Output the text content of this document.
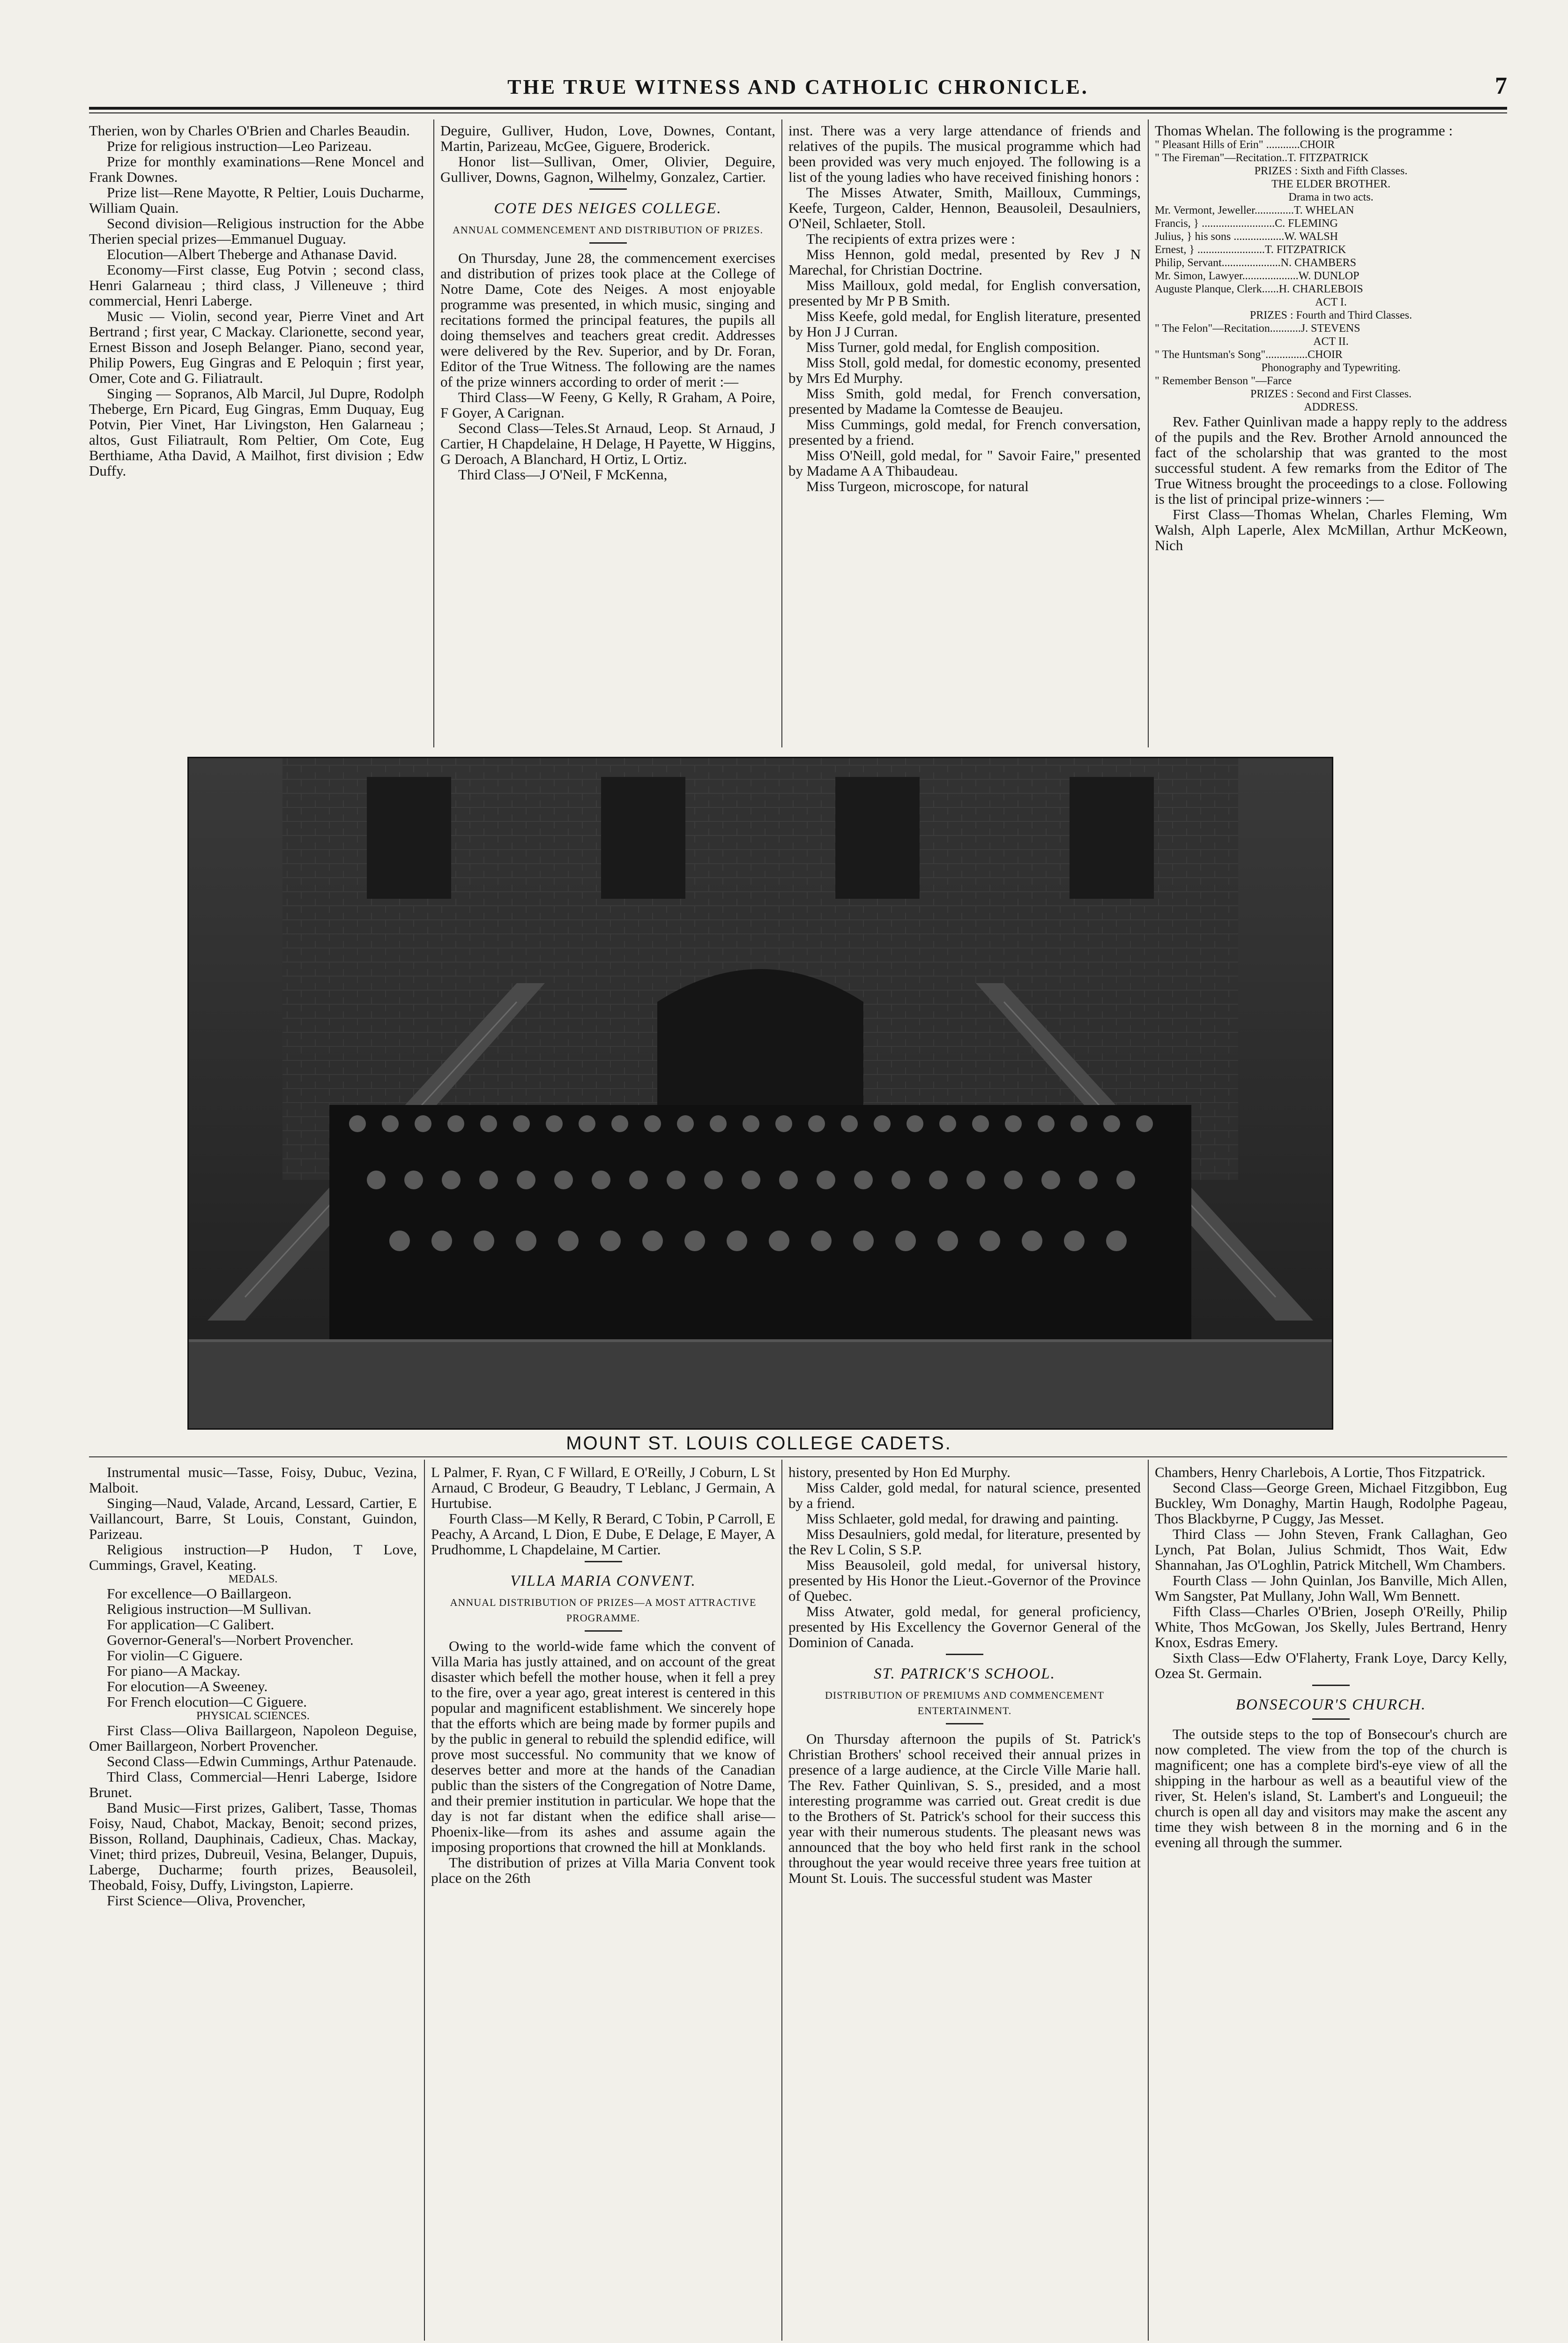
THE TRUE WITNESS AND CATHOLIC CHRONICLE.	7

Therien, won by Charles O'Brien and Charles Beaudin.

Prize for religious instruction—Leo Parizeau.

Prize for monthly examinations—Rene Moncel and Frank Downes.

Prize list—Rene Mayotte, R Peltier, Louis Ducharme, William Quain.

Second division—Religious instruction for the Abbe Therien special prizes—Emmanuel Duguay.

Elocution—Albert Theberge and Athanase David.

Economy—First classe, Eug Potvin ; second class, Henri Galarneau ; third class, J Villeneuve ; third commercial, Henri Laberge.

Music — Violin, second year, Pierre Vinet and Art Bertrand ; first year, C Mackay. Clarionette, second year, Ernest Bisson and Joseph Belanger. Piano, second year, Philip Powers, Eug Gingras and E Peloquin ; first year, Omer, Cote and G. Filiatrault.

Singing — Sopranos, Alb Marcil, Jul Dupre, Rodolph Theberge, Ern Picard, Eug Gingras, Emm Duquay, Eug Potvin, Pier Vinet, Har Livingston, Hen Galarneau ; altos, Gust Filiatrault, Rom Peltier, Om Cote, Eug Berthiame, Atha David, A Mailhot, first division ; Edw Duffy.

Deguire, Gulliver, Hudon, Love, Downes, Contant, Martin, Parizeau, McGee, Giguere, Broderick.

Honor list—Sullivan, Omer, Olivier, Deguire, Gulliver, Downs, Gagnon, Wilhelmy, Gonzalez, Cartier.

COTE DES NEIGES COLLEGE.

ANNUAL COMMENCEMENT AND DISTRIBUTION OF PRIZES.

On Thursday, June 28, the commencement exercises and distribution of prizes took place at the College of Notre Dame, Cote des Neiges. A most enjoyable programme was presented, in which music, singing and recitations formed the principal features, the pupils all doing themselves and teachers great credit. Addresses were delivered by the Rev. Superior, and by Dr. Foran, Editor of the True Witness. The following are the names of the prize winners according to order of merit :—

Third Class—W Feeny, G Kelly, R Graham, A Poire, F Goyer, A Carignan.

Second Class—Teles.St Arnaud, Leop. St Arnaud, J Cartier, H Chapdelaine, H Delage, H Payette, W Higgins, G Deroach, A Blanchard, H Ortiz, L Ortiz.

Third Class—J O'Neil, F McKenna,

inst. There was a very large attendance of friends and relatives of the pupils. The musical programme which had been provided was very much enjoyed. The following is a list of the young ladies who have received finishing honors :

The Misses Atwater, Smith, Mailloux, Cummings, Keefe, Turgeon, Calder, Hennon, Beausoleil, Desaulniers, O'Neil, Schlaeter, Stoll.

The recipients of extra prizes were :

Miss Hennon, gold medal, presented by Rev J N Marechal, for Christian Doctrine.

Miss Mailloux, gold medal, for English conversation, presented by Mr P B Smith.

Miss Keefe, gold medal, for English literature, presented by Hon J J Curran.

Miss Turner, gold medal, for English composition.

Miss Stoll, gold medal, for domestic economy, presented by Mrs Ed Murphy.

Miss Smith, gold medal, for French conversation, presented by Madame la Comtesse de Beaujeu.

Miss Cummings, gold medal, for French conversation, presented by a friend.

Miss O'Neill, gold medal, for " Savoir Faire," presented by Madame A A Thibaudeau.

Miss Turgeon, microscope, for natural

Thomas Whelan. The following is the programme :

" Pleasant Hills of Erin" ............CHOIR

" The Fireman"—Recitation..T. FITZPATRICK

PRIZES : Sixth and Fifth Classes.

THE ELDER BROTHER.

Drama in two acts.

Mr. Vermont, Jeweller..............T. WHELAN

Francis, } ..........................C. FLEMING

Julius, } his sons ..................W. WALSH

Ernest, } ........................T. FITZPATRICK

Philip, Servant.....................N. CHAMBERS

Mr. Simon, Lawyer....................W. DUNLOP

Auguste Planque, Clerk......H. CHARLEBOIS

ACT I.

PRIZES : Fourth and Third Classes.

" The Felon"—Recitation...........J. STEVENS

ACT II.

" The Huntsman's Song"...............CHOIR

Phonography and Typewriting.

" Remember Benson "—Farce

PRIZES : Second and First Classes.

ADDRESS.

Rev. Father Quinlivan made a happy reply to the address of the pupils and the Rev. Brother Arnold announced the fact of the scholarship that was granted to the most successful student. A few remarks from the Editor of The True Witness brought the proceedings to a close. Following is the list of principal prize-winners :—

First Class—Thomas Whelan, Charles Fleming, Wm Walsh, Alph Laperle, Alex McMillan, Arthur McKeown, Nich

MOUNT ST. LOUIS COLLEGE CADETS.

Instrumental music—Tasse, Foisy, Dubuc, Vezina, Malboit.

Singing—Naud, Valade, Arcand, Lessard, Cartier, E Vaillancourt, Barre, St Louis, Constant, Guindon, Parizeau.

Religious instruction—P Hudon, T Love, Cummings, Gravel, Keating.

MEDALS.

For excellence—O Baillargeon.

Religious instruction—M Sullivan.

For application—C Galibert.

Governor-General's—Norbert Provencher.

For violin—C Giguere.

For piano—A Mackay.

For elocution—A Sweeney.

For French elocution—C Giguere.

PHYSICAL SCIENCES.

First Class—Oliva Baillargeon, Napoleon Deguise, Omer Baillargeon, Norbert Provencher.

Second Class—Edwin Cummings, Arthur Patenaude.

Third Class, Commercial—Henri Laberge, Isidore Brunet.

Band Music—First prizes, Galibert, Tasse, Thomas Foisy, Naud, Chabot, Mackay, Benoit; second prizes, Bisson, Rolland, Dauphinais, Cadieux, Chas. Mackay, Vinet; third prizes, Dubreuil, Vesina, Belanger, Dupuis, Laberge, Ducharme; fourth prizes, Beausoleil, Theobald, Foisy, Duffy, Livingston, Lapierre.

First Science—Oliva, Provencher,

L Palmer, F. Ryan, C F Willard, E O'Reilly, J Coburn, L St Arnaud, C Brodeur, G Beaudry, T Leblanc, J Germain, A Hurtubise.

Fourth Class—M Kelly, R Berard, C Tobin, P Carroll, E Peachy, A Arcand, L Dion, E Dube, E Delage, E Mayer, A Prudhomme, L Chapdelaine, M Cartier.

VILLA MARIA CONVENT.

ANNUAL DISTRIBUTION OF PRIZES—A MOST ATTRACTIVE PROGRAMME.

Owing to the world-wide fame which the convent of Villa Maria has justly attained, and on account of the great disaster which befell the mother house, when it fell a prey to the fire, over a year ago, great interest is centered in this popular and magnificent establishment. We sincerely hope that the efforts which are being made by former pupils and by the public in general to rebuild the splendid edifice, will prove most successful. No community that we know of deserves better and more at the hands of the Canadian public than the sisters of the Congregation of Notre Dame, and their premier institution in particular. We hope that the day is not far distant when the edifice shall arise—Phoenix-like—from its ashes and assume again the imposing proportions that crowned the hill at Monklands.

The distribution of prizes at Villa Maria Convent took place on the 26th

history, presented by Hon Ed Murphy.

Miss Calder, gold medal, for natural science, presented by a friend.

Miss Schlaeter, gold medal, for drawing and painting.

Miss Desaulniers, gold medal, for literature, presented by the Rev L Colin, S S.P.

Miss Beausoleil, gold medal, for universal history, presented by His Honor the Lieut.-Governor of the Province of Quebec.

Miss Atwater, gold medal, for general proficiency, presented by His Excellency the Governor General of the Dominion of Canada.

ST. PATRICK'S SCHOOL.

DISTRIBUTION OF PREMIUMS AND COMMENCEMENT ENTERTAINMENT.

On Thursday afternoon the pupils of St. Patrick's Christian Brothers' school received their annual prizes in presence of a large audience, at the Circle Ville Marie hall. The Rev. Father Quinlivan, S. S., presided, and a most interesting programme was carried out. Great credit is due to the Brothers of St. Patrick's school for their success this year with their numerous students. The pleasant news was announced that the boy who held first rank in the school throughout the year would receive three years free tuition at Mount St. Louis. The successful student was Master

Chambers, Henry Charlebois, A Lortie, Thos Fitzpatrick.

Second Class—George Green, Michael Fitzgibbon, Eug Buckley, Wm Donaghy, Martin Haugh, Rodolphe Pageau, Thos Blackbyrne, P Cuggy, Jas Messet.

Third Class — John Steven, Frank Callaghan, Geo Lynch, Pat Bolan, Julius Schmidt, Thos Wait, Edw Shannahan, Jas O'Loghlin, Patrick Mitchell, Wm Chambers.

Fourth Class — John Quinlan, Jos Banville, Mich Allen, Wm Sangster, Pat Mullany, John Wall, Wm Bennett.

Fifth Class—Charles O'Brien, Joseph O'Reilly, Philip White, Thos McGowan, Jos Skelly, Jules Bertrand, Henry Knox, Esdras Emery.

Sixth Class—Edw O'Flaherty, Frank Loye, Darcy Kelly, Ozea St. Germain.

BONSECOUR'S CHURCH.

The outside steps to the top of Bonsecour's church are now completed. The view from the top of the church is magnificent; one has a complete bird's-eye view of all the shipping in the harbour as well as a beautiful view of the river, St. Helen's island, St. Lambert's and Longueuil; the church is open all day and visitors may make the ascent any time they wish between 8 in the morning and 6 in the evening all through the summer.
